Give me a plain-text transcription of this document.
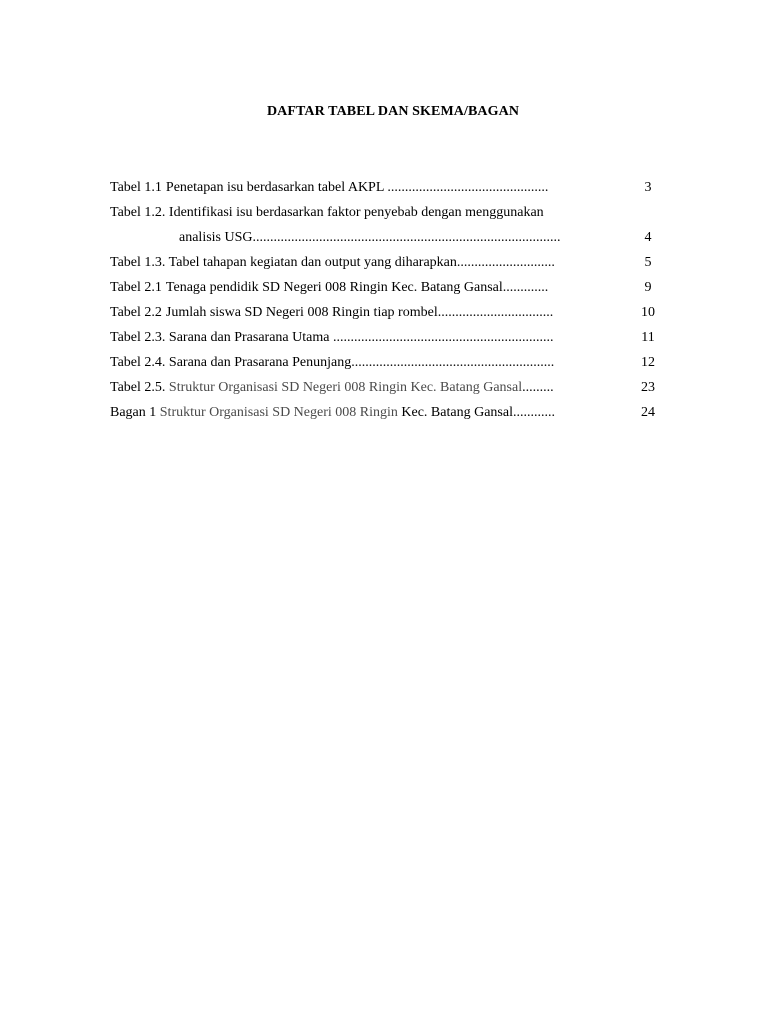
DAFTAR TABEL DAN SKEMA/BAGAN
Tabel 1.1 Penetapan isu berdasarkan tabel AKPL ..............................................	3
Tabel 1.2. Identifikasi isu berdasarkan faktor penyebab dengan menggunakan
analisis USG........................................................................................	4
Tabel 1.3. Tabel tahapan kegiatan dan output yang diharapkan............................	5
Tabel 2.1 Tenaga pendidik SD Negeri 008 Ringin Kec. Batang Gansal.............	9
Tabel 2.2 Jumlah siswa SD Negeri 008 Ringin tiap rombel.................................	10
Tabel 2.3. Sarana dan Prasarana Utama ...............................................................	11
Tabel 2.4. Sarana dan Prasarana Penunjang..........................................................	12
Tabel 2.5. Struktur Organisasi SD Negeri 008 Ringin Kec. Batang Gansal.........	23
Bagan 1 Struktur Organisasi SD Negeri 008 Ringin Kec. Batang Gansal............	24
